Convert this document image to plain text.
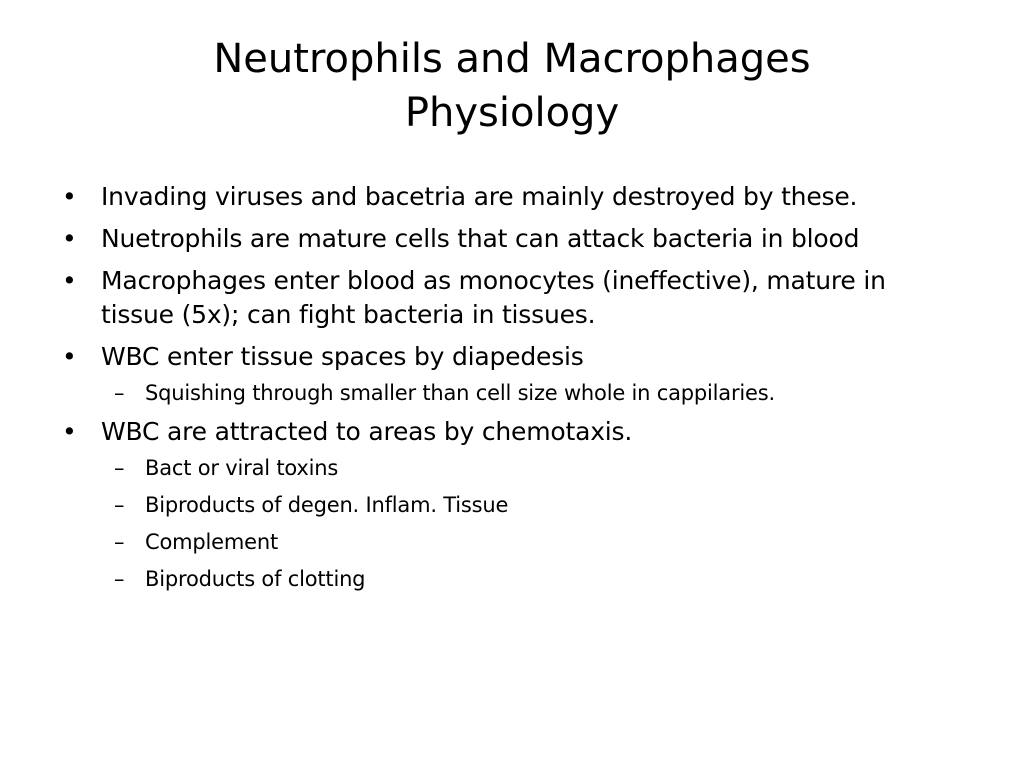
Neutrophils and Macrophages
Physiology
• Invading viruses and bacetria are mainly destroyed by these.
• Nuetrophils are mature cells that can attack bacteria in blood
• Macrophages enter blood as monocytes (ineffective), mature in tissue (5x); can fight bacteria in tissues.
• WBC enter tissue spaces by diapedesis
– Squishing through smaller than cell size whole in cappilaries.
• WBC are attracted to areas by chemotaxis.
– Bact or viral toxins
– Biproducts of degen. Inflam. Tissue
– Complement
– Biproducts of clotting
